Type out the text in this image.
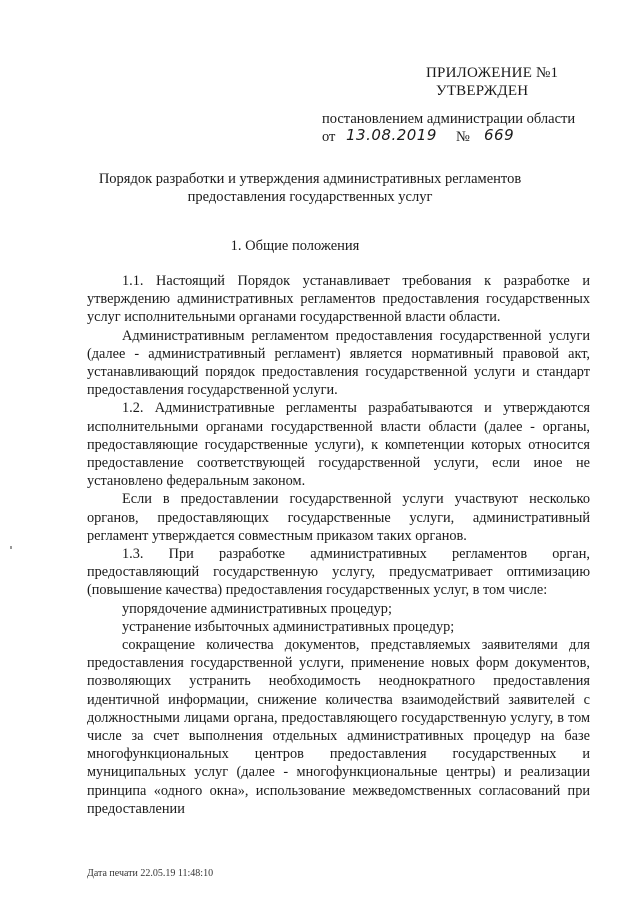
ПРИЛОЖЕНИЕ №1
УТВЕРЖДЕН
постановлением администрации области
от 13.08.2019 № 669
Порядок разработки и утверждения административных регламентов
предоставления государственных услуг
1. Общие положения

1.1. Настоящий Порядок устанавливает требования к разработке и утверждению административных регламентов предоставления государственных услуг исполнительными органами государственной власти области.

Административным регламентом предоставления государственной услуги (далее - административный регламент) является нормативный правовой акт, устанавливающий порядок предоставления государственной услуги и стандарт предоставления государственной услуги.

1.2. Административные регламенты разрабатываются и утверждаются исполнительными органами государственной власти области (далее - органы, предоставляющие государственные услуги), к компетенции которых относится предоставление соответствующей государственной услуги, если иное не установлено федеральным законом.

Если в предоставлении государственной услуги участвуют несколько органов, предоставляющих государственные услуги, административный регламент утверждается совместным приказом таких органов.

1.3. При разработке административных регламентов орган, предоставляющий государственную услугу, предусматривает оптимизацию (повышение качества) предоставления государственных услуг, в том числе:

упорядочение административных процедур;

устранение избыточных административных процедур;

сокращение количества документов, представляемых заявителями для предоставления государственной услуги, применение новых форм документов, позволяющих устранить необходимость неоднократного предоставления идентичной информации, снижение количества взаимодействий заявителей с должностными лицами органа, предоставляющего государственную услугу, в том числе за счет выполнения отдельных административных процедур на базе многофункциональных центров предоставления государственных и муниципальных услуг (далее - многофункциональные центры) и реализации принципа «одного окна», использование межведомственных согласований при предоставлении

Дата печати 22.05.19 11:48:10
